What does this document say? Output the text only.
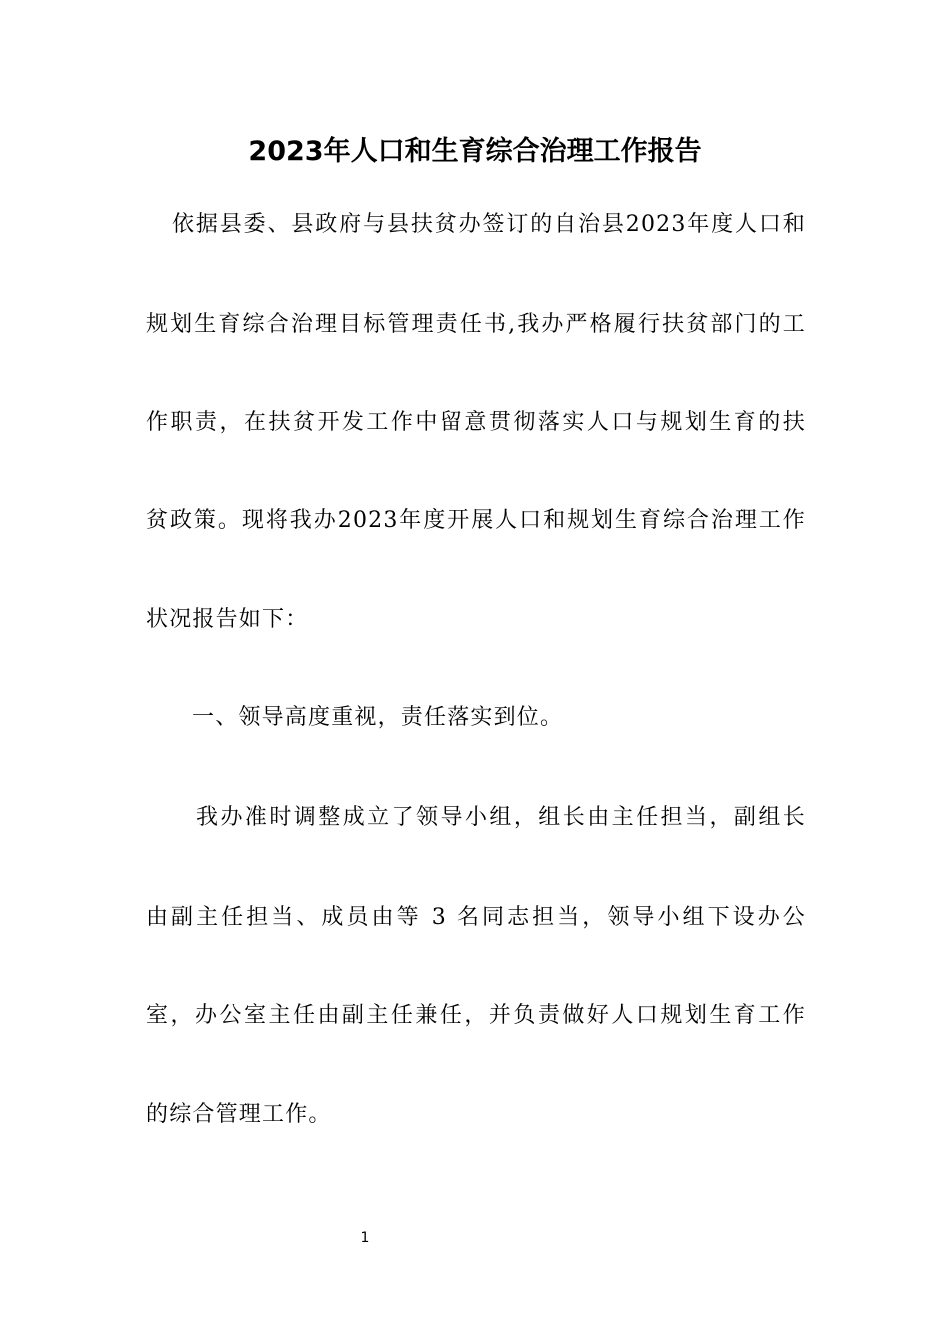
2023年人口和生育综合治理工作报告
依据县委、县政府与县扶贫办签订的自治县2023年度人口和
规划生育综合治理目标管理责任书,我办严格履行扶贫部门的工
作职责，在扶贫开发工作中留意贯彻落实人口与规划生育的扶
贫政策。现将我办2023年度开展人口和规划生育综合治理工作
状况报告如下：
一、领导高度重视，责任落实到位。
我办准时调整成立了领导小组，组长由主任担当，副组长
由副主任担当、成员由等 3 名同志担当，领导小组下设办公
室，办公室主任由副主任兼任，并负责做好人口规划生育工作
的综合管理工作。
1
